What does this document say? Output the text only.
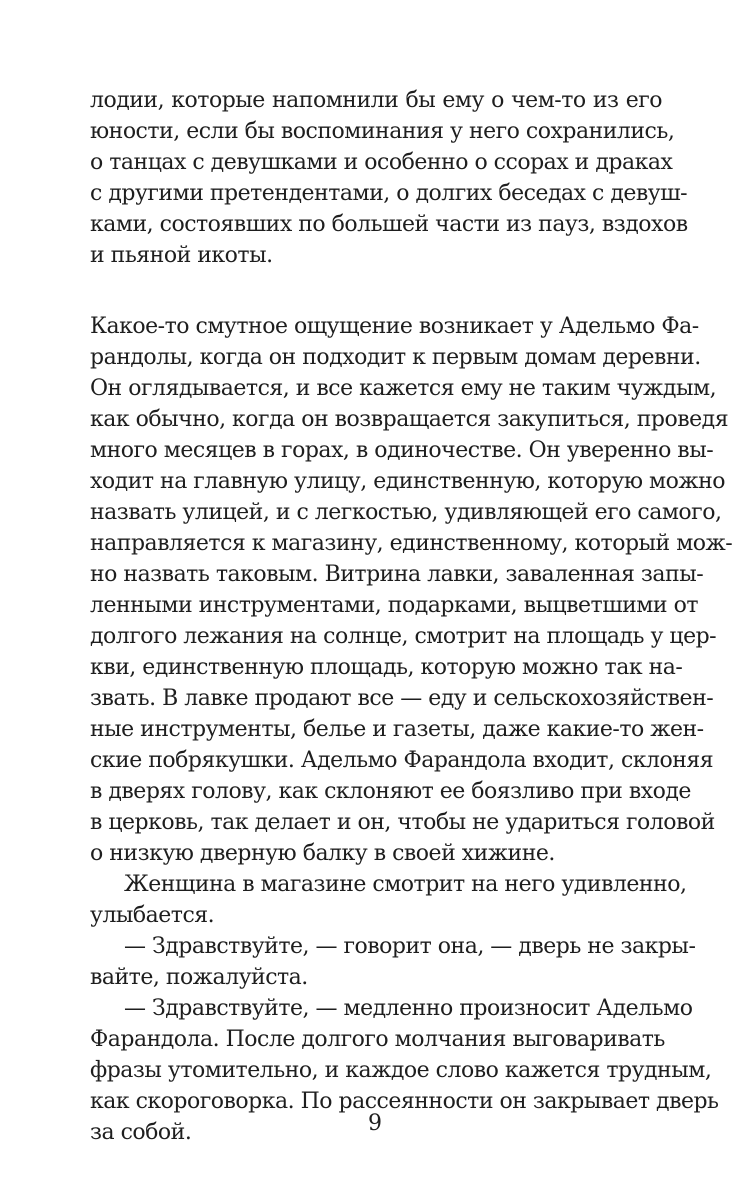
лодии, которые напомнили бы ему о чем-то из его
юности, если бы воспоминания у него сохранились,
о танцах с девушками и особенно о ссорах и драках
с другими претендентами, о долгих беседах с девуш-
ками, состоявших по большей части из пауз, вздохов
и пьяной икоты.
Какое-то смутное ощущение возникает у Адельмо Фа-
рандолы, когда он подходит к первым домам деревни.
Он оглядывается, и все кажется ему не таким чуждым,
как обычно, когда он возвращается закупиться, проведя
много месяцев в горах, в одиночестве. Он уверенно вы-
ходит на главную улицу, единственную, которую можно
назвать улицей, и с легкостью, удивляющей его самого,
направляется к магазину, единственному, который мож-
но назвать таковым. Витрина лавки, заваленная запы-
ленными инструментами, подарками, выцветшими от
долгого лежания на солнце, смотрит на площадь у цер-
кви, единственную площадь, которую можно так на-
звать. В лавке продают все — еду и сельскохозяйствен-
ные инструменты, белье и газеты, даже какие-то жен-
ские побрякушки. Адельмо Фарандола входит, склоняя
в дверях голову, как склоняют ее боязливо при входе
в церковь, так делает и он, чтобы не удариться головой
о низкую дверную балку в своей хижине.
Женщина в магазине смотрит на него удивленно,
улыбается.
— Здравствуйте, — говорит она, — дверь не закры-
вайте, пожалуйста.
— Здравствуйте, — медленно произносит Адельмо
Фарандола. После долгого молчания выговаривать
фразы утомительно, и каждое слово кажется трудным,
как скороговорка. По рассеянности он закрывает дверь
за собой.	9
